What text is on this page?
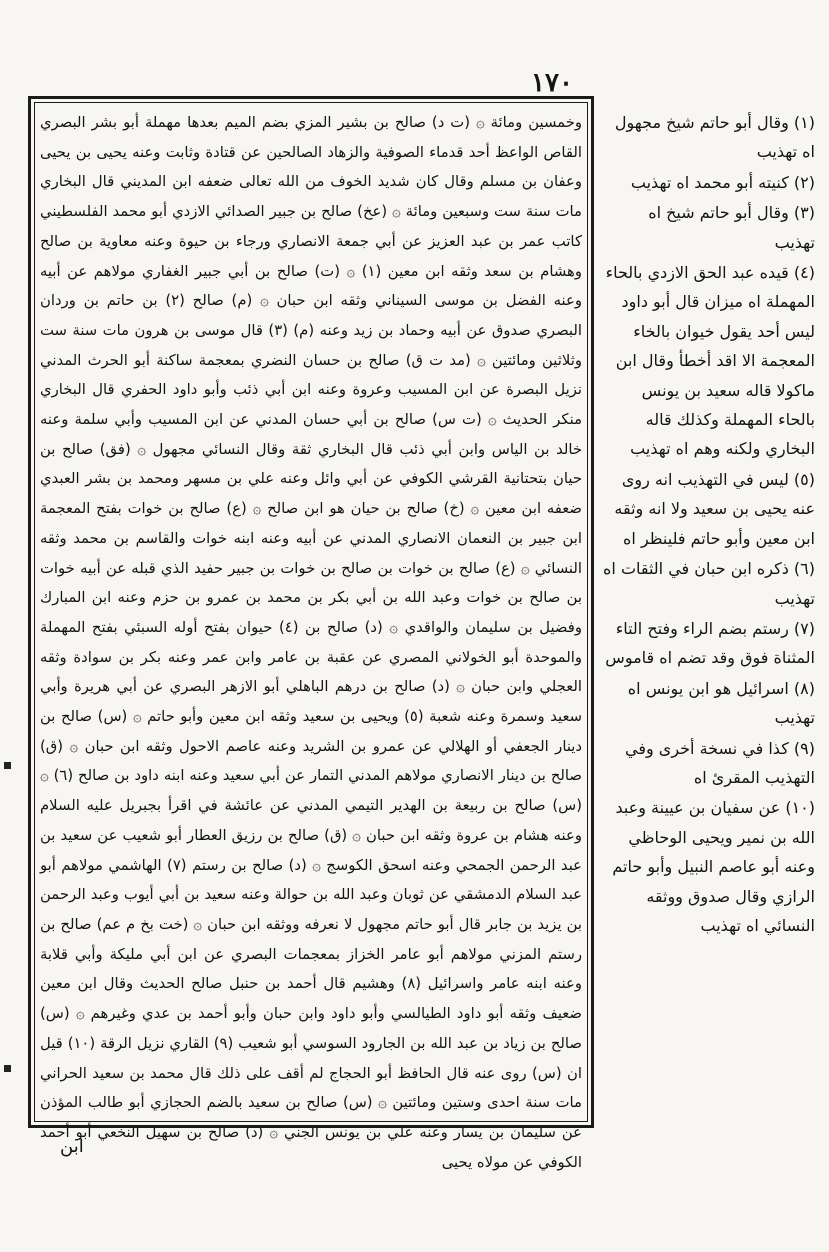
١٧٠

وخمسين ومائة ۞ (ت د) صالح بن بشير المزي بضم الميم بعدها مهملة أبو بشر البصري القاص الواعظ أحد قدماء الصوفية والزهاد الصالحين عن قتادة وثابت وعنه يحيى بن يحيى وعفان بن مسلم وقال كان شديد الخوف من الله تعالى ضعفه ابن المديني قال البخاري مات سنة ست وسبعين ومائة ۞ (عخ) صالح بن جبير الصدائي الازدي أبو محمد الفلسطيني كاتب عمر بن عبد العزيز عن أبي جمعة الانصاري ورجاء بن حيوة وعنه معاوية بن صالح وهشام بن سعد وثقه ابن معين (١) ۞ (ت) صالح بن أبي جبير الغفاري مولاهم عن أبيه وعنه الفضل بن موسى السيناني وثقه ابن حبان ۞ (م) صالح (٢) بن حاتم بن وردان البصري صدوق عن أبيه وحماد بن زيد وعنه (م) (٣) قال موسى بن هرون مات سنة ست وثلاثين ومائتين ۞ (مد ت ق) صالح بن حسان النضري بمعجمة ساكنة أبو الحرث المدني نزيل البصرة عن ابن المسيب وعروة وعنه ابن أبي ذئب وأبو داود الحفري قال البخاري منكر الحديث ۞ (ت س) صالح بن أبي حسان المدني عن ابن المسيب وأبي سلمة وعنه خالد بن الياس وابن أبي ذئب قال البخاري ثقة وقال النسائي مجهول ۞ (فق) صالح بن حيان بتحتانية القرشي الكوفي عن أبي وائل وعنه علي بن مسهر ومحمد بن بشر العبدي ضعفه ابن معين ۞ (خ) صالح بن حيان هو ابن صالح ۞ (ع) صالح بن خوات بفتح المعجمة ابن جبير بن النعمان الانصاري المدني عن أبيه وعنه ابنه خوات والقاسم بن محمد وثقه النسائي ۞ (ع) صالح بن خوات بن صالح بن خوات بن جبير حفيد الذي قبله عن أبيه خوات بن صالح بن خوات وعبد الله بن أبي بكر بن محمد بن عمرو بن حزم وعنه ابن المبارك وفضيل بن سليمان والواقدي ۞ (د) صالح بن (٤) حيوان بفتح أوله السبئي بفتح المهملة والموحدة أبو الخولاني المصري عن عقبة بن عامر وابن عمر وعنه بكر بن سوادة وثقه العجلي وابن حبان ۞ (د) صالح بن درهم الباهلي أبو الازهر البصري عن أبي هريرة وأبي سعيد وسمرة وعنه شعبة (٥) ويحيى بن سعيد وثقه ابن معين وأبو حاتم ۞ (س) صالح بن دينار الجعفي أو الهلالي عن عمرو بن الشريد وعنه عاصم الاحول وثقه ابن حبان ۞ (ق) صالح بن دينار الانصاري مولاهم المدني التمار عن أبي سعيد وعنه ابنه داود بن صالح (٦) ۞ (س) صالح بن ربيعة بن الهدير التيمي المدني عن عائشة في اقرأ بجبريل عليه السلام وعنه هشام بن عروة وثقه ابن حبان ۞ (ق) صالح بن رزيق العطار أبو شعيب عن سعيد بن عبد الرحمن الجمحي وعنه اسحق الكوسج ۞ (د) صالح بن رستم (٧) الهاشمي مولاهم أبو عبد السلام الدمشقي عن ثوبان وعبد الله بن حوالة وعنه سعيد بن أبي أيوب وعبد الرحمن بن يزيد بن جابر قال أبو حاتم مجهول لا نعرفه ووثقه ابن حبان ۞ (خت بخ م عم) صالح بن رستم المزني مولاهم أبو عامر الخزاز بمعجمات البصري عن ابن أبي مليكة وأبي قلابة وعنه ابنه عامر واسرائيل (٨) وهشيم قال أحمد بن حنبل صالح الحديث وقال ابن معين ضعيف وثقه أبو داود الطيالسي وأبو داود وابن حبان وأبو أحمد بن عدي وغيرهم ۞ (س) صالح بن زياد بن عبد الله بن الجارود السوسي أبو شعيب (٩) القاري نزيل الرقة (١٠) قيل ان (س) روى عنه قال الحافظ أبو الحجاج لم أقف على ذلك قال محمد بن سعيد الحراني مات سنة احدى وستين ومائتين ۞ (س) صالح بن سعيد بالضم الحجازي أبو طالب المؤذن عن سليمان بن يسار وعنه علي بن يونس الجني ۞ (د) صالح بن سهيل النخعي أبو أحمد الكوفي عن مولاه يحيى

(١) وقال أبو حاتم شيخ مجهول اه تهذيب

(٢) كنيته أبو محمد اه تهذيب

(٣) وقال أبو حاتم شيخ اه تهذيب

(٤) قيده عبد الحق الازدي بالحاء المهملة اه ميزان قال أبو داود ليس أحد يقول خيوان بالخاء المعجمة الا اقد أخطأ وقال ابن ماكولا قاله سعيد بن يونس بالحاء المهملة وكذلك قاله البخاري ولكنه وهم اه تهذيب

(٥) ليس في التهذيب انه روى عنه يحيى بن سعيد ولا انه وثقه ابن معين وأبو حاتم فلينظر اه

(٦) ذكره ابن حبان في الثقات اه تهذيب

(٧) رستم بضم الراء وفتح التاء المثناة فوق وقد تضم اه قاموس

(٨) اسرائيل هو ابن يونس اه تهذيب

(٩) كذا في نسخة أخرى وفي التهذيب المقرئ اه

(١٠) عن سفيان بن عيينة وعبد الله بن نمير ويحيى الوحاظي وعنه أبو عاصم النبيل وأبو حاتم الرازي وقال صدوق ووثقه النسائي اه تهذيب

ابن
